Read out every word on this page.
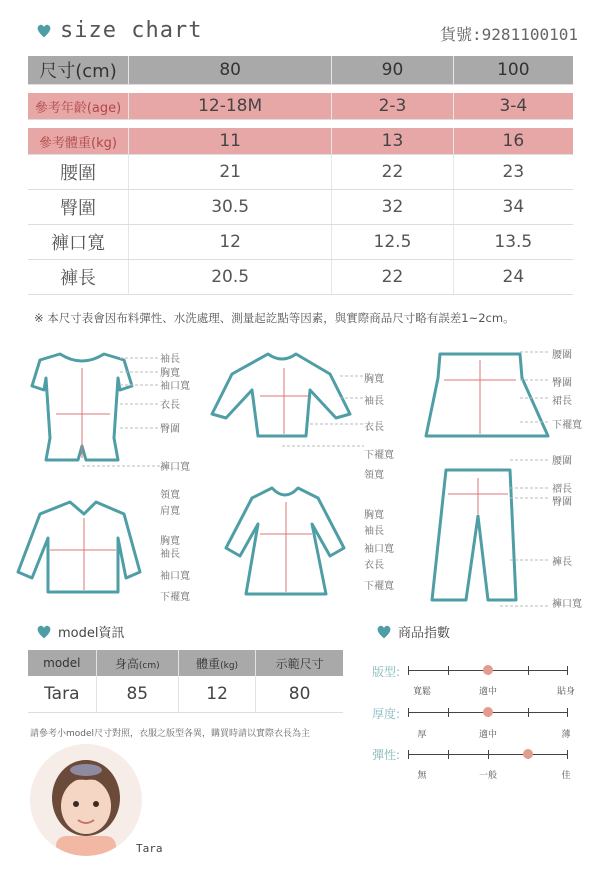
size chart	貨號:9281100101
尺寸(cm)	80	90	100

參考年齡(age)	12-18M	2-3	3-4

參考體重(kg)	11	13	16
腰圍	21	22	23
臀圍	30.5	32	34
褲口寬	12	12.5	13.5
褲長	20.5	22	24
※ 本尺寸表會因布料彈性、水洗處理、測量起訖點等因素，與實際商品尺寸略有誤差1~2cm。
袖長
胸寬
袖口寬
衣長
臀圍
褲口寬
胸寬
袖長
衣長
下襬寬
腰圍
臀圍
裙長
下襬寬
領寬
肩寬
胸寬
袖長
袖口寬
下襬寬
領寬
胸寬
袖長
袖口寬
衣長
下襬寬
腰圍
褶長
臀圍
褲長
褲口寬
model資訊
model	身高(cm)	體重(kg)	示範尺寸
Tara	85	12	80
請參考小model尺寸對照，衣服之版型各異，購買時請以實際衣長為主
Tara
商品指數
版型:
寬鬆	適中	貼身
厚度:
厚	適中	薄
彈性:
無	一般	佳
